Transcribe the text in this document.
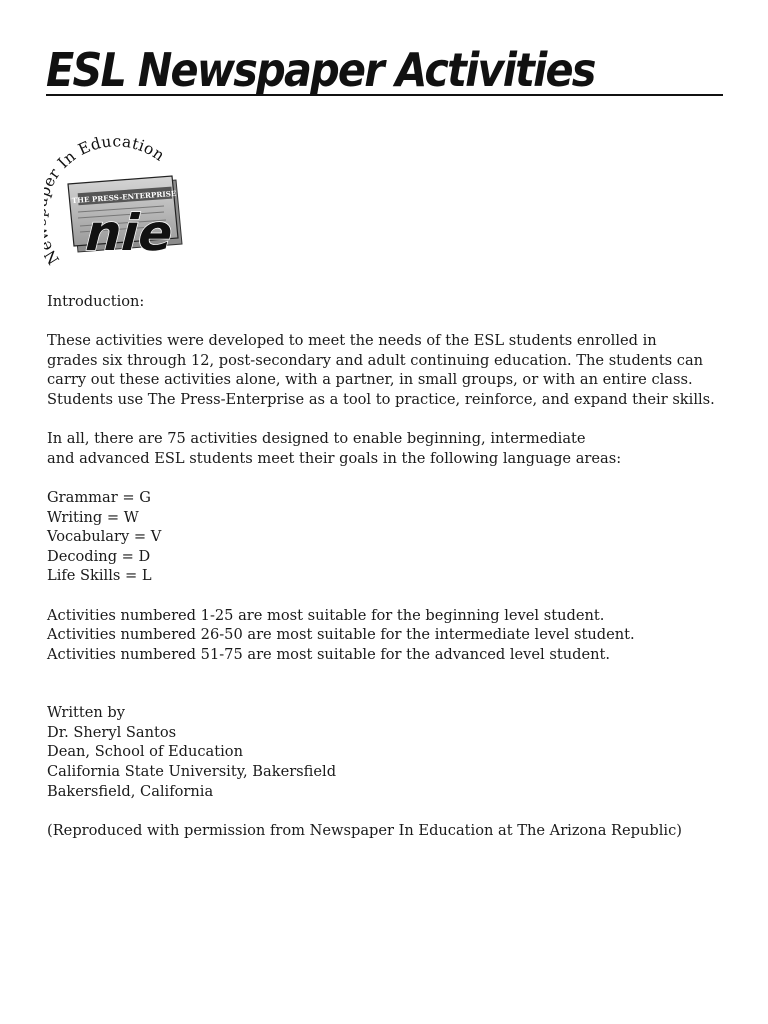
ESL Newspaper Activities
r In Education
THE PRESS-ENTERPRISE
nie

Introduction:

These activities were developed to meet the needs of the ESL students enrolled in
grades six through 12, post-secondary and adult continuing education. The students can
carry out these activities alone, with a partner, in small groups, or with an entire class.
Students use The Press-Enterprise as a tool to practice, reinforce, and expand their skills.

In all, there are 75 activities designed to enable beginning, intermediate
and advanced ESL students meet their goals in the following language areas:

Grammar = G
Writing = W
Vocabulary = V
Decoding = D
Life Skills = L

Activities numbered 1-25 are most suitable for the beginning level student.
Activities numbered 26-50 are most suitable for the intermediate level student.
Activities numbered 51-75 are most suitable for the advanced level student.

Written by
Dr. Sheryl Santos
Dean, School of Education
California State University, Bakersfield
Bakersfield, California

(Reproduced with permission from Newspaper In Education at The Arizona Republic)
